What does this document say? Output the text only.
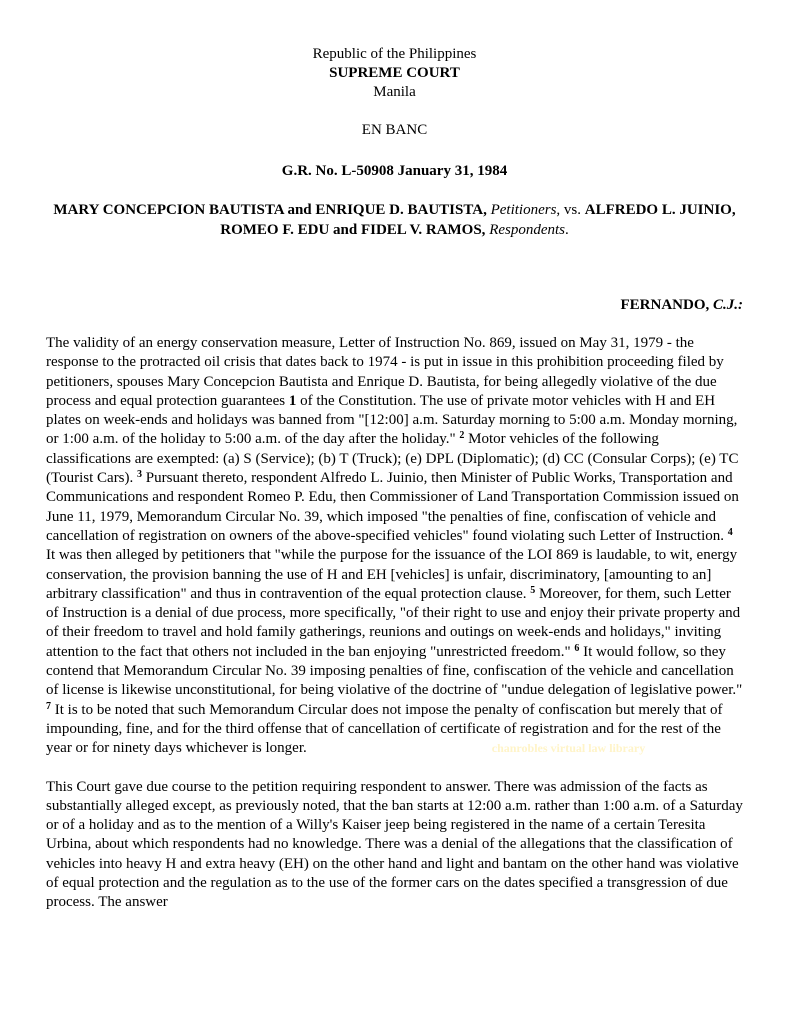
Republic of the Philippines
SUPREME COURT
Manila
EN BANC
G.R. No. L-50908 January 31, 1984
MARY CONCEPCION BAUTISTA and ENRIQUE D. BAUTISTA, Petitioners, vs. ALFREDO L. JUINIO, ROMEO F. EDU and FIDEL V. RAMOS, Respondents.
FERNANDO, C.J.:

The validity of an energy conservation measure, Letter of Instruction No. 869, issued on May 31, 1979 - the response to the protracted oil crisis that dates back to 1974 - is put in issue in this prohibition proceeding filed by petitioners, spouses Mary Concepcion Bautista and Enrique D. Bautista, for being allegedly violative of the due process and equal protection guarantees 1 of the Constitution. The use of private motor vehicles with H and EH plates on week-ends and holidays was banned from "[12:00] a.m. Saturday morning to 5:00 a.m. Monday morning, or 1:00 a.m. of the holiday to 5:00 a.m. of the day after the holiday." $^2$ Motor vehicles of the following classifications are exempted: (a) S (Service); (b) T (Truck); (e) DPL (Diplomatic); (d) CC (Consular Corps); (e) TC (Tourist Cars). $^3$ Pursuant thereto, respondent Alfredo L. Juinio, then Minister of Public Works, Transportation and Communications and respondent Romeo P. Edu, then Commissioner of Land Transportation Commission issued on June 11, 1979, Memorandum Circular No. 39, which imposed "the penalties of fine, confiscation of vehicle and cancellation of registration on owners of the above-specified vehicles" found violating such Letter of Instruction. $^4$ It was then alleged by petitioners that "while the purpose for the issuance of the LOI 869 is laudable, to wit, energy conservation, the provision banning the use of H and EH [vehicles] is unfair, discriminatory, [amounting to an] arbitrary classification" and thus in contravention of the equal protection clause. $^5$ Moreover, for them, such Letter of Instruction is a denial of due process, more specifically, "of their right to use and enjoy their private property and of their freedom to travel and hold family gatherings, reunions and outings on week-ends and holidays," inviting attention to the fact that others not included in the ban enjoying "unrestricted freedom." $^6$ It would follow, so they contend that Memorandum Circular No. 39 imposing penalties of fine, confiscation of the vehicle and cancellation of license is likewise unconstitutional, for being violative of the doctrine of "undue delegation of legislative power." $^7$ It is to be noted that such Memorandum Circular does not impose the penalty of confiscation but merely that of impounding, fine, and for the third offense that of cancellation of certificate of registration and for the rest of the year or for ninety days whichever is longer.	chanrobles virtual law library

This Court gave due course to the petition requiring respondent to answer. There was admission of the facts as substantially alleged except, as previously noted, that the ban starts at 12:00 a.m. rather than 1:00 a.m. of a Saturday or of a holiday and as to the mention of a Willy's Kaiser jeep being registered in the name of a certain Teresita Urbina, about which respondents had no knowledge. There was a denial of the allegations that the classification of vehicles into heavy H and extra heavy (EH) on the other hand and light and bantam on the other hand was violative of equal protection and the regulation as to the use of the former cars on the dates specified a transgression of due process. The answer
